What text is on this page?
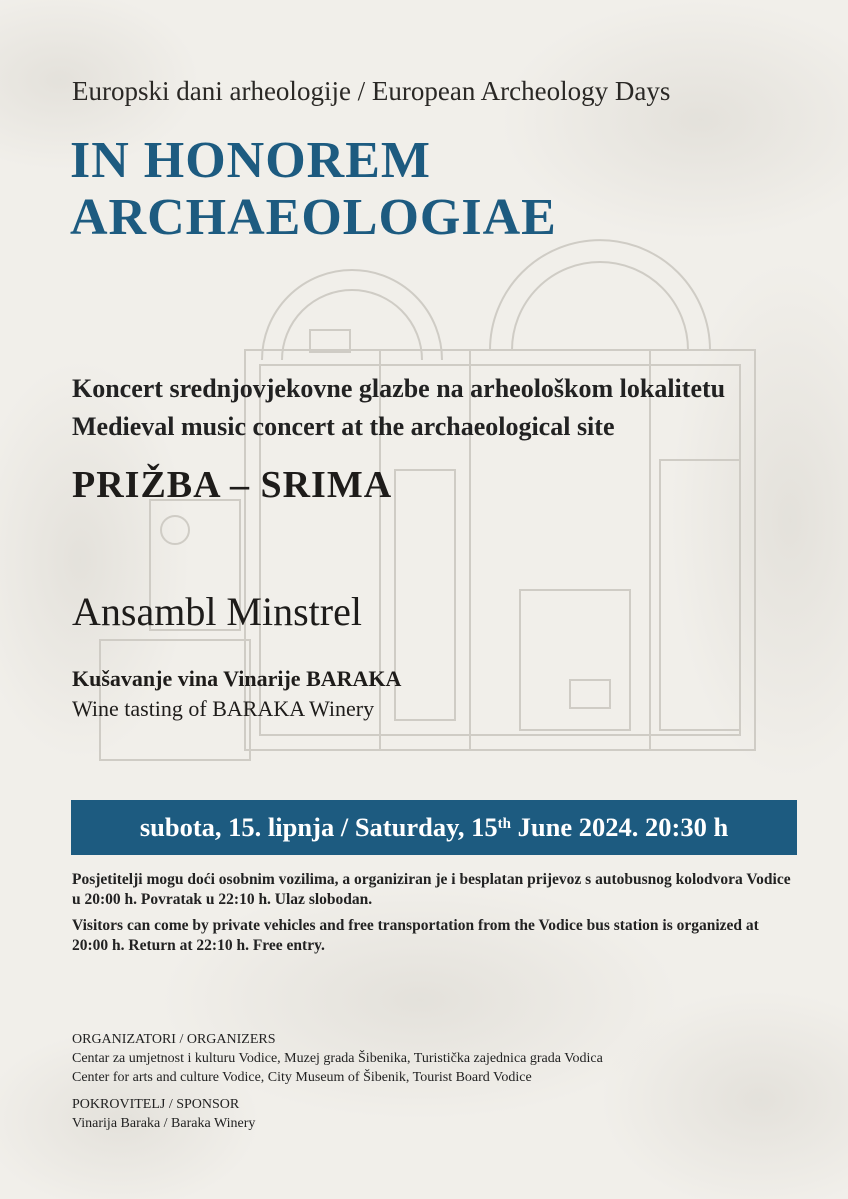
Europski dani arheologije / European Archeology Days

IN HONOREM
ARCHAEOLOGIAE
Koncert srednjovjekovne glazbe na arheološkom lokalitetu
Medieval music concert at the archaeological site
PRIŽBA – SRIMA
Ansambl Minstrel
Kušavanje vina Vinarije BARAKA
Wine tasting of BARAKA Winery
subota, 15. lipnja / Saturday, 15th June 2024. 20:30 h

Posjetitelji mogu doći osobnim vozilima, a organiziran je i besplatan prijevoz s autobusnog kolodvora Vodice u 20:00 h. Povratak u 22:10 h. Ulaz slobodan.

Visitors can come by private vehicles and free transportation from the Vodice bus station is organized at 20:00 h. Return at 22:10 h. Free entry.

ORGANIZATORI / ORGANIZERS
Centar za umjetnost i kulturu Vodice, Muzej grada Šibenika, Turistička zajednica grada Vodica
Center for arts and culture Vodice, City Museum of Šibenik, Tourist Board Vodice
POKROVITELJ / SPONSOR
Vinarija Baraka / Baraka Winery
